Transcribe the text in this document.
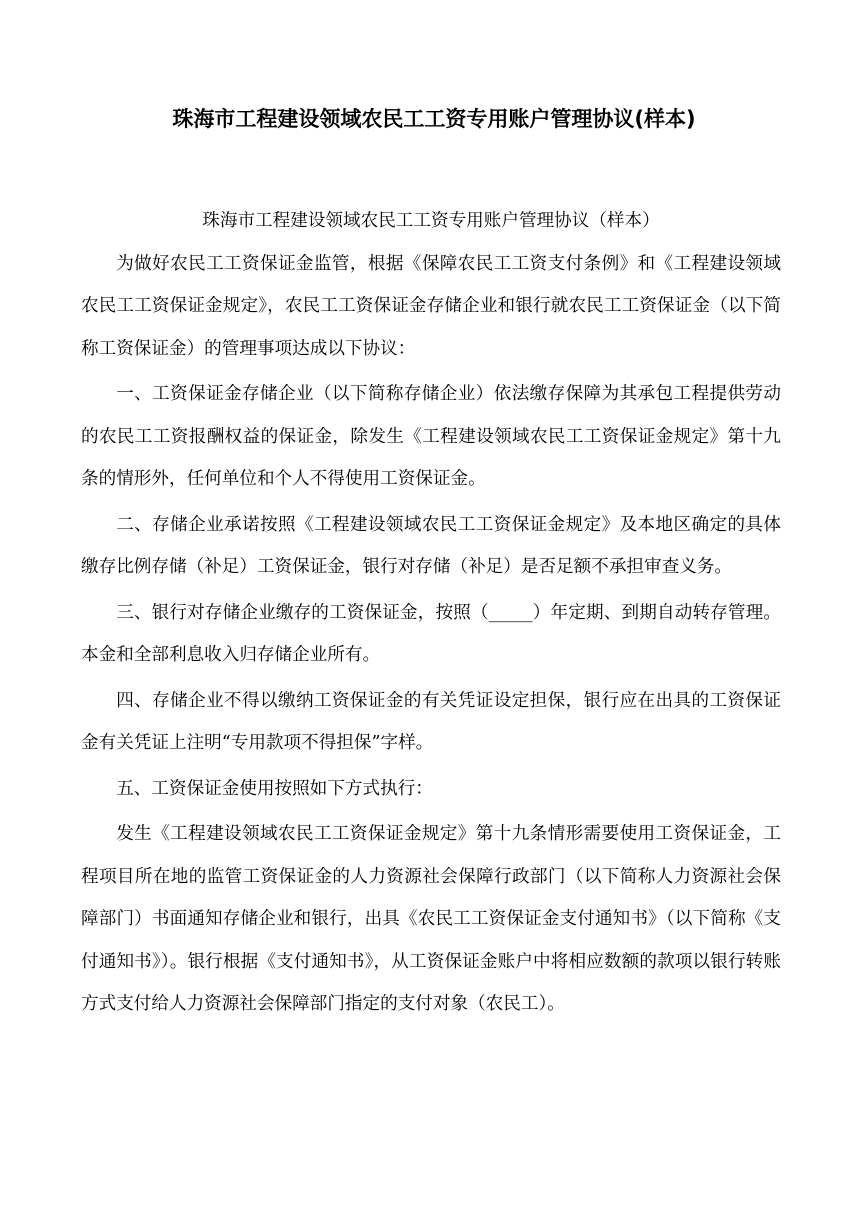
珠海市工程建设领域农民工工资专用账户管理协议(样本)

珠海市工程建设领域农民工工资专用账户管理协议（样本）

为做好农民工工资保证金监管，根据《保障农民工工资支付条例》和《工程建设领域农民工工资保证金规定》，农民工工资保证金存储企业和银行就农民工工资保证金（以下简称工资保证金）的管理事项达成以下协议：

一、工资保证金存储企业（以下简称存储企业）依法缴存保障为其承包工程提供劳动的农民工工资报酬权益的保证金，除发生《工程建设领域农民工工资保证金规定》第十九条的情形外，任何单位和个人不得使用工资保证金。

二、存储企业承诺按照《工程建设领域农民工工资保证金规定》及本地区确定的具体缴存比例存储（补足）工资保证金，银行对存储（补足）是否足额不承担审查义务。

三、银行对存储企业缴存的工资保证金，按照（_____）年定期、到期自动转存管理。本金和全部利息收入归存储企业所有。

四、存储企业不得以缴纳工资保证金的有关凭证设定担保，银行应在出具的工资保证金有关凭证上注明“专用款项不得担保”字样。

五、工资保证金使用按照如下方式执行：

发生《工程建设领域农民工工资保证金规定》第十九条情形需要使用工资保证金，工程项目所在地的监管工资保证金的人力资源社会保障行政部门（以下简称人力资源社会保障部门）书面通知存储企业和银行，出具《农民工工资保证金支付通知书》（以下简称《支付通知书》）。银行根据《支付通知书》，从工资保证金账户中将相应数额的款项以银行转账方式支付给人力资源社会保障部门指定的支付对象（农民工）。
